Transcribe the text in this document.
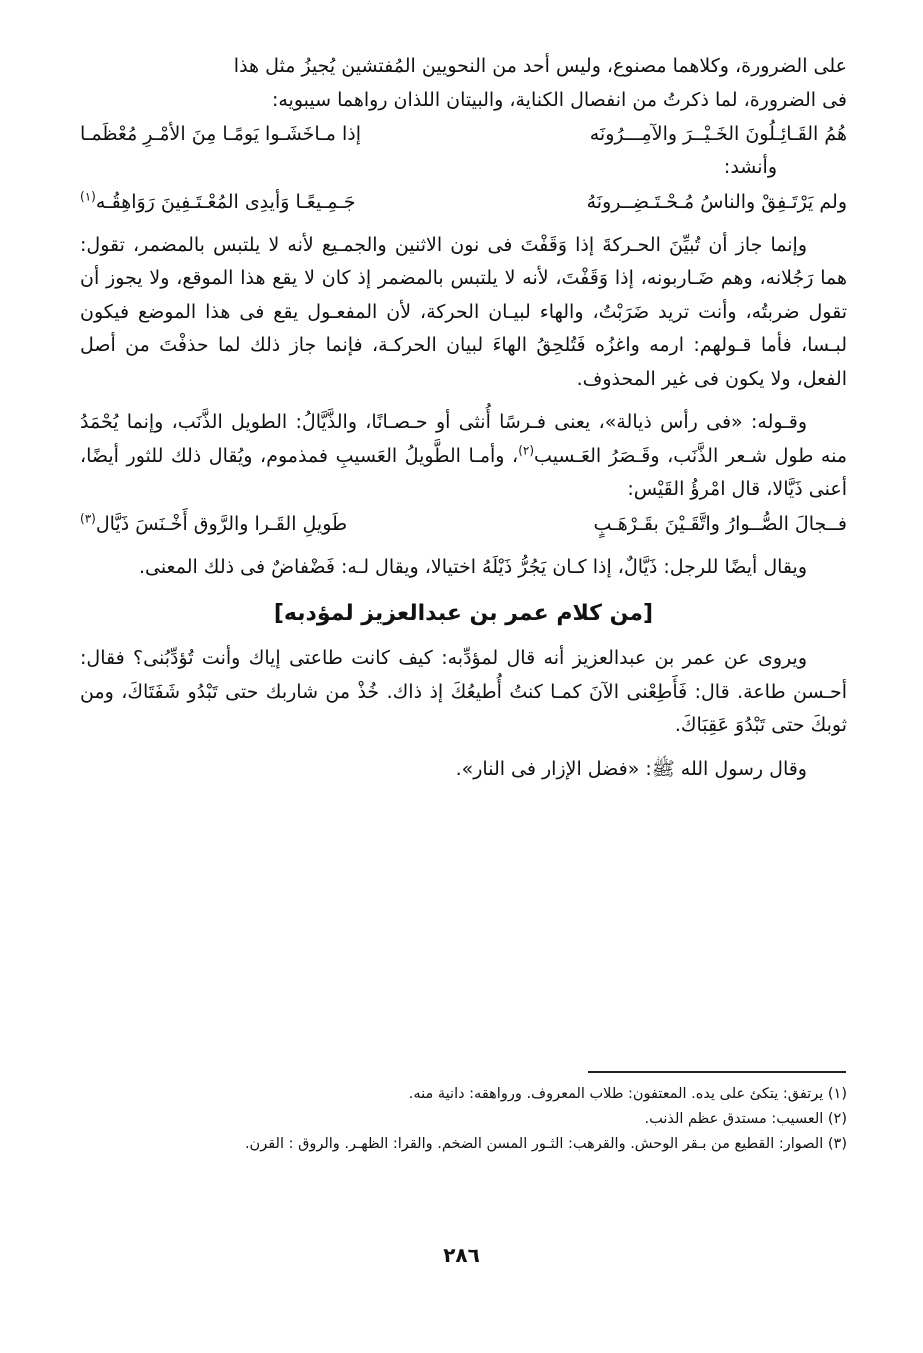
على الضرورة، وكلاهما مصنوع، وليس أحد من النحويين المُفتشين يُجيزُ مثل هذا

فى الضرورة، لما ذكرتُ من انفصال الكناية، والبيتان اللذان رواهما سيبويه:

هُمُ القَـائِـلُونَ الخَـيْــرَ والآمِـــرُونَه
إذا مـاخَشَـوا يَومًـا مِنَ الأمْـرِ مُعْظَمـا

وأنشد:

ولم يَرْتَـفِقْ والناسُ مُـحْـتَـضِــرونَهُ
جَـمِـيعًـا وَأيدِى المُعْـتَـفِينَ رَوَاهِقُـه$^{(١)}$

وإنما جاز أن تُبيِّنَ الحـركةَ إذا وَقَفْتَ فى نون الاثنين والجمـيع لأنه لا يلتبس بالمضمر، تقول: هما رَجُلانه، وهم ضَـاربونه، إذا وَقَفْتَ، لأنه لا يلتبس بالمضمر إذ كان لا يقع هذا الموقع، ولا يجوز أن تقول ضربتُه، وأنت تريد ضَرَبْتُ، والهاء لبيـان الحركة، لأن المفعـول يقع فى هذا الموضع فيكون لبـسا، فأما قـولهم: ارمه واغزُه فَتُلحِقُ الهاءَ لبيان الحركـة، فإنما جاز ذلك لما حذفْتَ من أصل الفعل، ولا يكون فى غير المحذوف.

وقـوله: «فى رأس ذيالة»، يعنى فـرسًا أُنثى أو حـصـانًا، والذَّيَّالُ: الطويل الذَّنَب، وإنما يُحْمَدُ منه طول شـعر الذَّنَب، وقَـصَرُ العَـسيب$^{(٢)}$، وأمـا الطَّويلُ العَسيبِ فمذموم، ويُقال ذلك للثور أيضًا، أعنى ذَيَّالا، قال امْرؤُ القَيْس:

فــجالَ الصُّــوارُ واتَّقَـيْنَ بقَـرْهَـبٍ
طَويلِ القَـرا والرَّوق أَخْـنَسَ ذَيَّال$^{(٣)}$

ويقال أيضًا للرجل: ذَيَّالٌ، إذا كـان يَجُرُّ ذَيْلَهُ اختيالا، ويقال لـه: فَضْفاضٌ فى ذلك المعنى.

[من كلام عمر بن عبدالعزيز لمؤدبه]

ويروى عن عمر بن عبدالعزيز أنه قال لمؤدِّبه: كيف كانت طاعتى إياك وأنت تُؤدِّبُنى؟ فقال: أحـسن طاعة. قال: فَأَطِعْنى الآنَ كمـا كنتُ أُطيعُكَ إذ ذاك. خُذْ من شاربك حتى تَبْدُو شَفَتَاكَ، ومن ثوبكَ حتى تَبْدُوَ عَقِبَاكَ.

وقال رسول الله ﷺ: «فضل الإزار فى النار».

(١) يرتفق: يتكئ على يده. المعتفون: طلاب المعروف. ورواهقه: دانية منه.

(٢) العسيب: مستدق عظم الذنب.

(٣) الصوار: القطيع من بـقر الوحش. والقرهب: الثـور المسن الضخم. والقرا: الظهـر. والروق : القرن.

٢٨٦
